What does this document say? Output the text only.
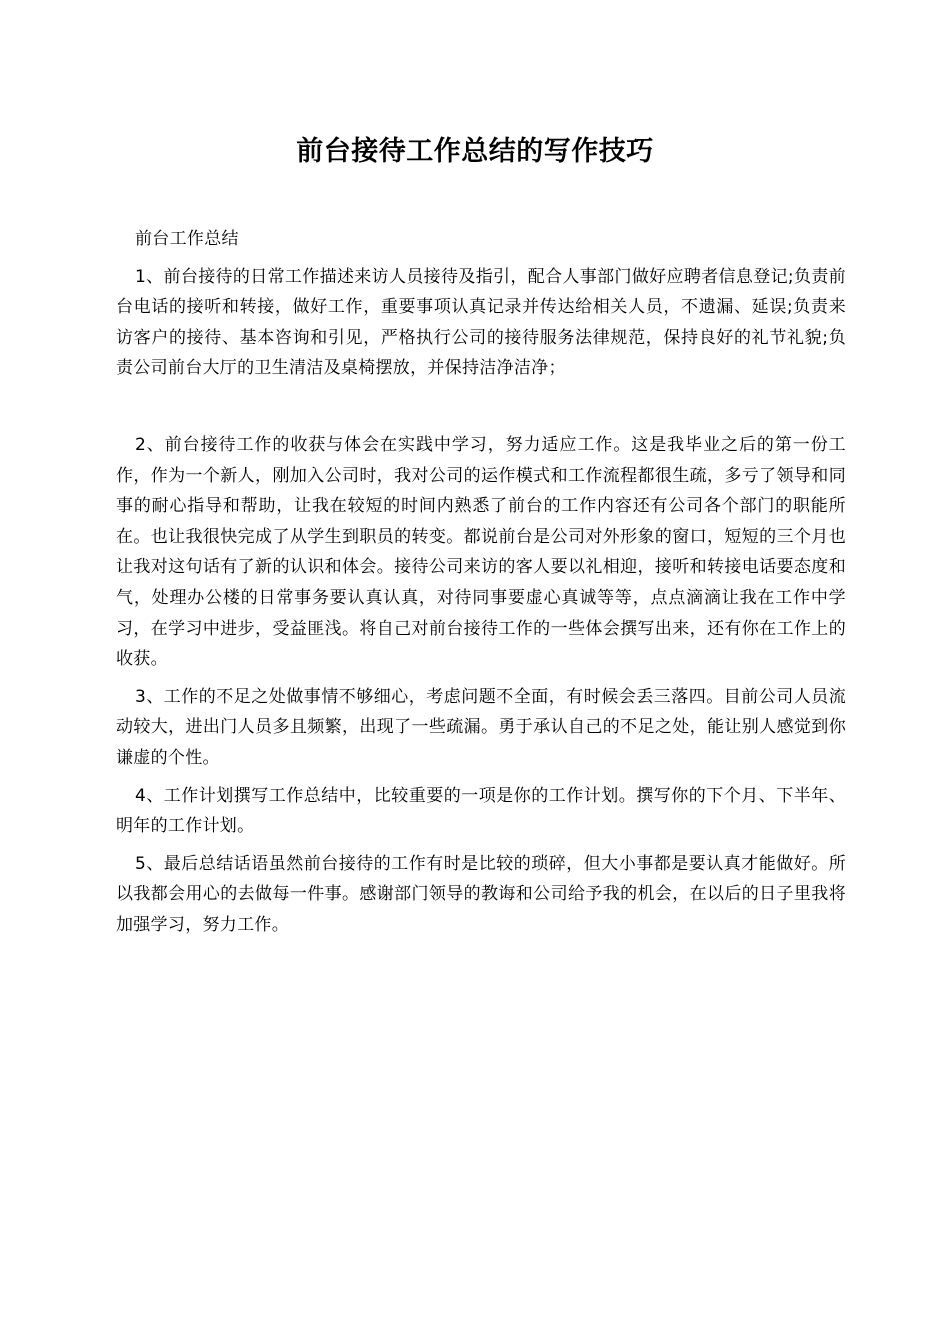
前台接待工作总结的写作技巧

前台工作总结

1、前台接待的日常工作描述来访人员接待及指引，配合人事部门做好应聘者信息登记;负责前台电话的接听和转接，做好工作，重要事项认真记录并传达给相关人员，不遗漏、延误;负责来访客户的接待、基本咨询和引见，严格执行公司的接待服务法律规范，保持良好的礼节礼貌;负责公司前台大厅的卫生清洁及桌椅摆放，并保持洁净洁净；

2、前台接待工作的收获与体会在实践中学习，努力适应工作。这是我毕业之后的第一份工作，作为一个新人，刚加入公司时，我对公司的运作模式和工作流程都很生疏，多亏了领导和同事的耐心指导和帮助，让我在较短的时间内熟悉了前台的工作内容还有公司各个部门的职能所在。也让我很快完成了从学生到职员的转变。都说前台是公司对外形象的窗口，短短的三个月也让我对这句话有了新的认识和体会。接待公司来访的客人要以礼相迎，接听和转接电话要态度和气，处理办公楼的日常事务要认真认真，对待同事要虚心真诚等等，点点滴滴让我在工作中学习，在学习中进步，受益匪浅。将自己对前台接待工作的一些体会撰写出来，还有你在工作上的收获。

3、工作的不足之处做事情不够细心，考虑问题不全面，有时候会丢三落四。目前公司人员流动较大，进出门人员多且频繁，出现了一些疏漏。勇于承认自己的不足之处，能让别人感觉到你谦虚的个性。

4、工作计划撰写工作总结中，比较重要的一项是你的工作计划。撰写你的下个月、下半年、明年的工作计划。

5、最后总结话语虽然前台接待的工作有时是比较的琐碎，但大小事都是要认真才能做好。所以我都会用心的去做每一件事。感谢部门领导的教诲和公司给予我的机会，在以后的日子里我将加强学习，努力工作。
